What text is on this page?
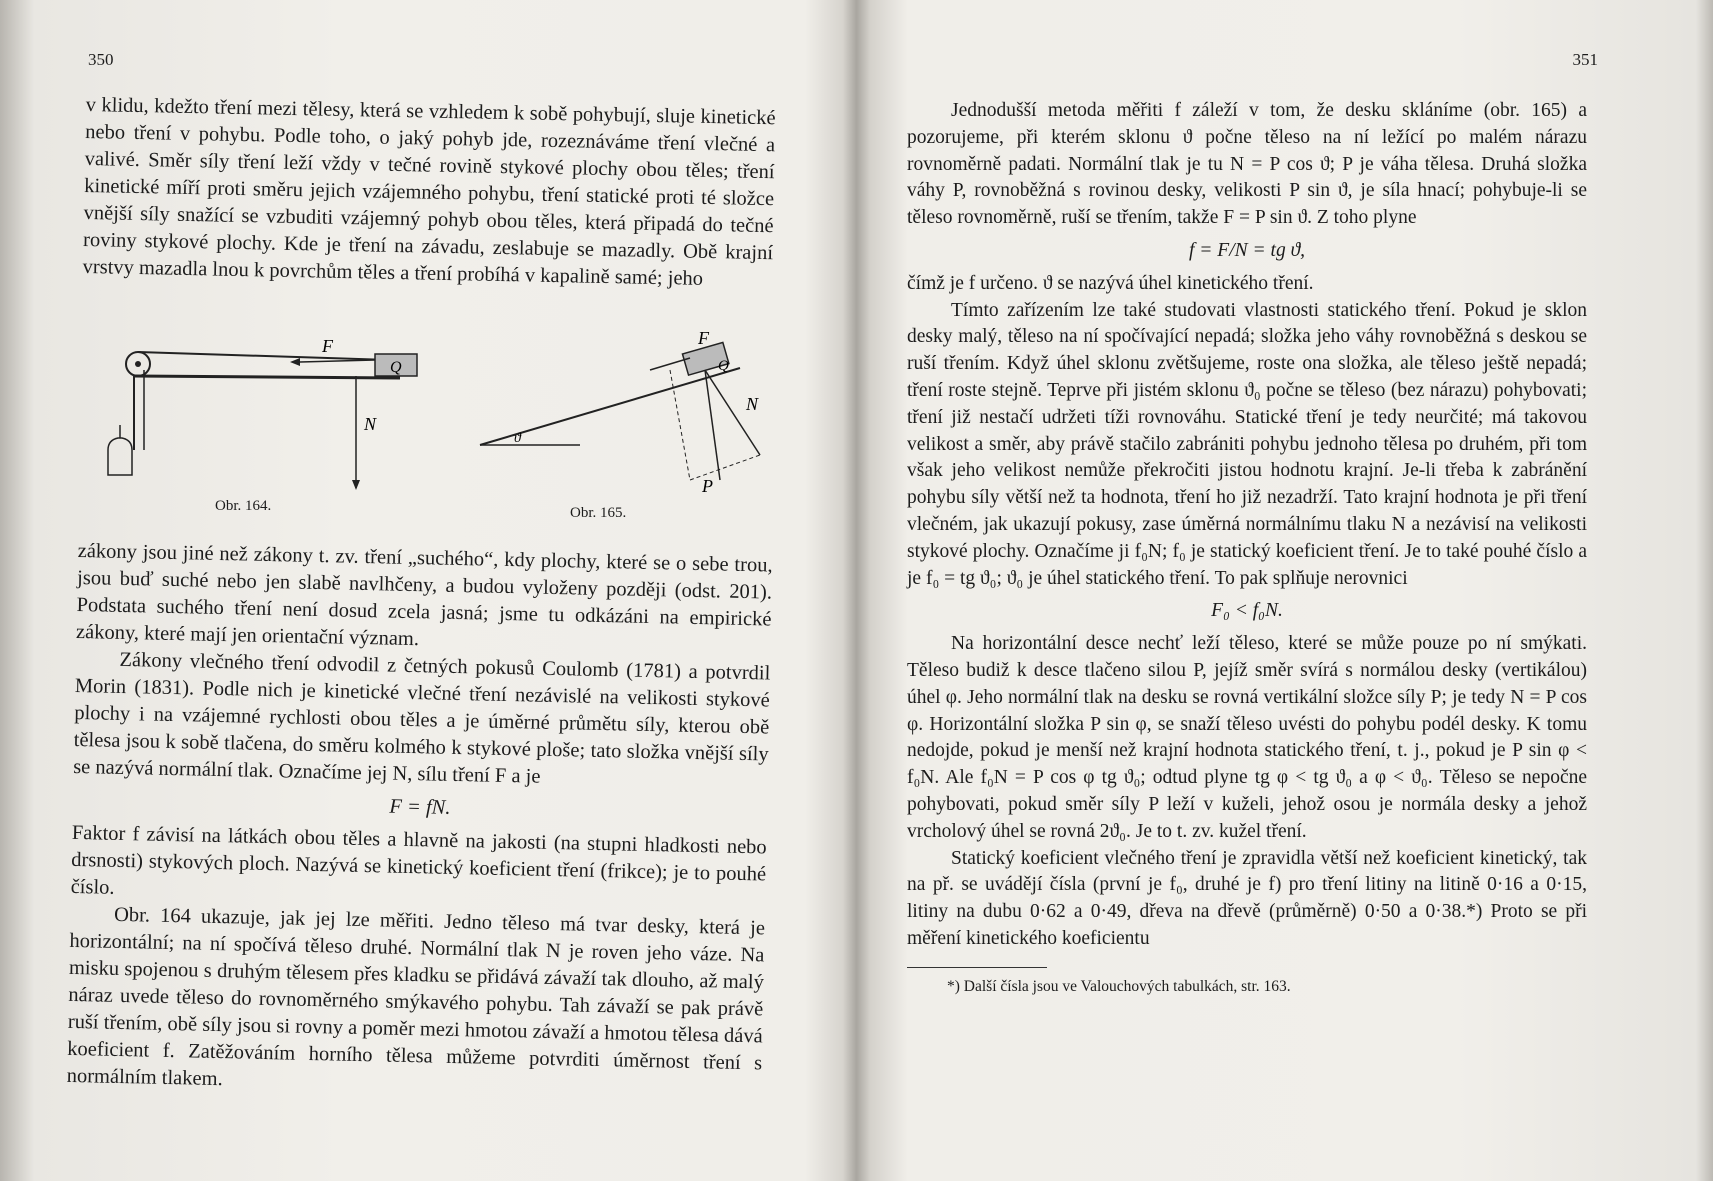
350

v klidu, kdežto tření mezi tělesy, která se vzhledem k sobě pohybují, sluje kinetické nebo tření v pohybu. Podle toho, o jaký pohyb jde, rozeznáváme tření vlečné a valivé. Směr síly tření leží vždy v tečné rovině stykové plochy obou těles; tření kinetické míří proti směru jejich vzájemného pohybu, tření statické proti té složce vnější síly snažící se vzbuditi vzájemný pohyb obou těles, která připadá do tečné roviny stykové plochy. Kde je tření na závadu, zeslabuje se mazadly. Obě krajní vrstvy mazadla lnou k povrchům těles a tření probíhá v kapalině samé; jeho

F
Q
N
Obr. 164.
F
Q
N
P
ϑ
Obr. 165.

zákony jsou jiné než zákony t. zv. tření „suchého“, kdy plochy, které se o sebe trou, jsou buď suché nebo jen slabě navlhčeny, a budou vyloženy později (odst. 201). Podstata suchého tření není dosud zcela jasná; jsme tu odkázáni na empirické zákony, které mají jen orientační význam.

Zákony vlečného tření odvodil z četných pokusů Coulomb (1781) a potvrdil Morin (1831). Podle nich je kinetické vlečné tření nezávislé na velikosti stykové plochy i na vzájemné rychlosti obou těles a je úměrné průmětu síly, kterou obě tělesa jsou k sobě tlačena, do směru kolmého k stykové ploše; tato složka vnější síly se nazývá normální tlak. Označíme jej N, sílu tření F a je

F = fN.

Faktor f závisí na látkách obou těles a hlavně na jakosti (na stupni hladkosti nebo drsnosti) stykových ploch. Nazývá se kinetický koeficient tření (frikce); je to pouhé číslo.

Obr. 164 ukazuje, jak jej lze měřiti. Jedno těleso má tvar desky, která je horizontální; na ní spočívá těleso druhé. Normální tlak N je roven jeho váze. Na misku spojenou s druhým tělesem přes kladku se přidává závaží tak dlouho, až malý náraz uvede těleso do rovnoměrného smýkavého pohybu. Tah závaží se pak právě ruší třením, obě síly jsou si rovny a poměr mezi hmotou závaží a hmotou tělesa dává koeficient f. Zatěžováním horního tělesa můžeme potvrditi úměrnost tření s normálním tlakem.

351

Jednodušší metoda měřiti f záleží v tom, že desku skláníme (obr. 165) a pozorujeme, při kterém sklonu ϑ počne těleso na ní ležící po malém nárazu rovnoměrně padati. Normální tlak je tu N = P cos ϑ; P je váha tělesa. Druhá složka váhy P, rovnoběžná s rovinou desky, velikosti P sin ϑ, je síla hnací; pohybuje-li se těleso rovnoměrně, ruší se třením, takže F = P sin ϑ. Z toho plyne

f = F/N = tg ϑ,

čímž je f určeno. ϑ se nazývá úhel kinetického tření.

Tímto zařízením lze také studovati vlastnosti statického tření. Pokud je sklon desky malý, těleso na ní spočívající nepadá; složka jeho váhy rovnoběžná s deskou se ruší třením. Když úhel sklonu zvětšujeme, roste ona složka, ale těleso ještě nepadá; tření roste stejně. Teprve při jistém sklonu ϑ₀ počne se těleso (bez nárazu) pohybovati; tření již nestačí udržeti tíži rovnováhu. Statické tření je tedy neurčité; má takovou velikost a směr, aby právě stačilo zabrániti pohybu jednoho tělesa po druhém, při tom však jeho velikost nemůže překročiti jistou hodnotu krajní. Je-li třeba k zabránění pohybu síly větší než ta hodnota, tření ho již nezadrží. Tato krajní hodnota je při tření vlečném, jak ukazují pokusy, zase úměrná normálnímu tlaku N a nezávisí na velikosti stykové plochy. Označíme ji f₀N; f₀ je statický koeficient tření. Je to také pouhé číslo a je f₀ = tg ϑ₀; ϑ₀ je úhel statického tření. To pak splňuje nerovnici

F₀ < f₀N.

Na horizontální desce nechť leží těleso, které se může pouze po ní smýkati. Těleso budiž k desce tlačeno silou P, jejíž směr svírá s normálou desky (vertikálou) úhel φ. Jeho normální tlak na desku se rovná vertikální složce síly P; je tedy N = P cos φ. Horizontální složka P sin φ, se snaží těleso uvésti do pohybu podél desky. K tomu nedojde, pokud je menší než krajní hodnota statického tření, t. j., pokud je P sin φ < f₀N. Ale f₀N = P cos φ tg ϑ₀; odtud plyne tg φ < tg ϑ₀ a φ < ϑ₀. Těleso se nepočne pohybovati, pokud směr síly P leží v kuželi, jehož osou je normála desky a jehož vrcholový úhel se rovná 2ϑ₀. Je to t. zv. kužel tření.

Statický koeficient vlečného tření je zpravidla větší než koeficient kinetický, tak na př. se uvádějí čísla (první je f₀, druhé je f) pro tření litiny na litině 0·16 a 0·15, litiny na dubu 0·62 a 0·49, dřeva na dřevě (průměrně) 0·50 a 0·38.*) Proto se při měření kinetického koeficientu

*) Další čísla jsou ve Valouchových tabulkách, str. 163.
